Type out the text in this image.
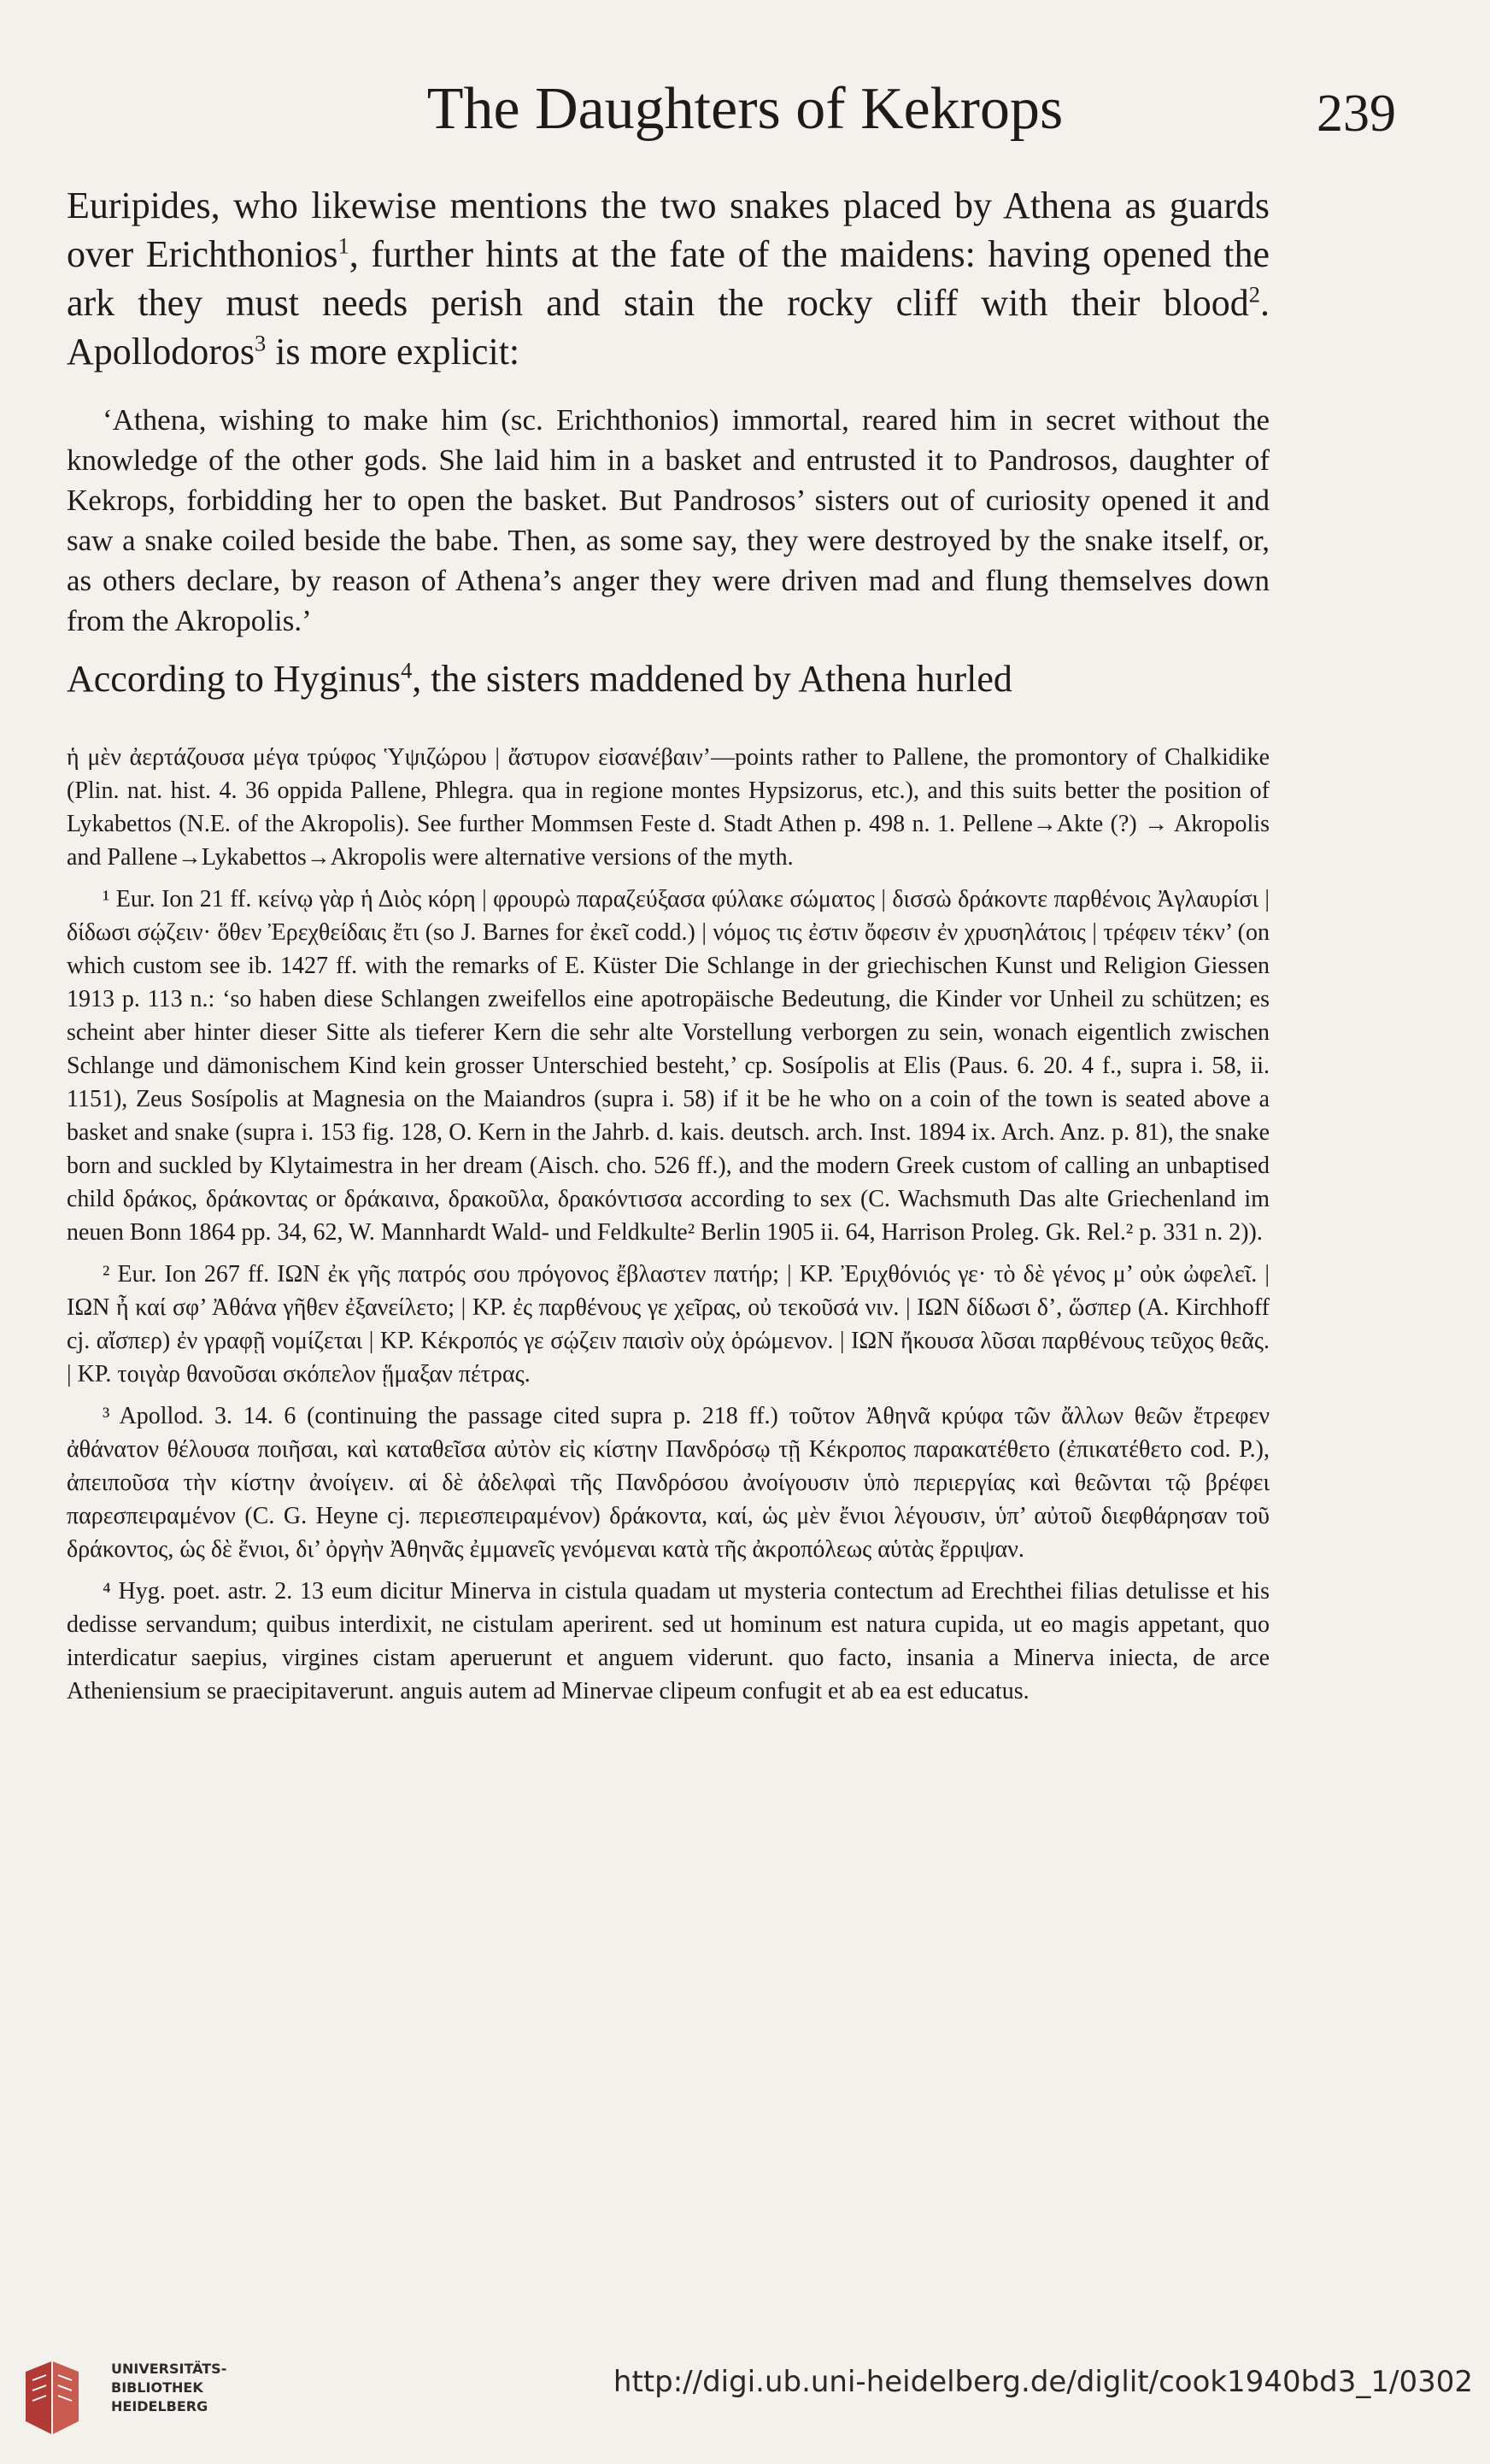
The Daughters of Kekrops	239

Euripides, who likewise mentions the two snakes placed by Athena as guards over Erichthonios$^1$, further hints at the fate of the maidens: having opened the ark they must needs perish and stain the rocky cliff with their blood$^2$. Apollodoros$^3$ is more explicit:

‘Athena, wishing to make him (sc. Erichthonios) immortal, reared him in secret without the knowledge of the other gods. She laid him in a basket and entrusted it to Pandrosos, daughter of Kekrops, forbidding her to open the basket. But Pandrosos’ sisters out of curiosity opened it and saw a snake coiled beside the babe. Then, as some say, they were destroyed by the snake itself, or, as others declare, by reason of Athena’s anger they were driven mad and flung themselves down from the Akropolis.’

According to Hyginus$^4$, the sisters maddened by Athena hurled

ἡ μὲν ἀερτάζουσα μέγα τρύφος Ὑψιζώρου | ἄστυρον εἰσανέβαιν’—points rather to Pallene, the promontory of Chalkidike (Plin. nat. hist. 4. 36 oppida Pallene, Phlegra. qua in regione montes Hypsizorus, etc.), and this suits better the position of Lykabettos (N.E. of the Akropolis). See further Mommsen Feste d. Stadt Athen p. 498 n. 1. Pellene→Akte (?) → Akropolis and Pallene→Lykabettos→Akropolis were alternative versions of the myth.

¹ Eur. Ion 21 ff. κείνῳ γὰρ ἡ Διὸς κόρη | φρουρὼ παραζεύξασα φύλακε σώματος | δισσὼ δράκοντε παρθένοις Ἀγλαυρίσι | δίδωσι σῴζειν· ὅθεν Ἐρεχθείδαις ἔτι (so J. Barnes for ἐκεῖ codd.) | νόμος τις ἐστιν ὄφεσιν ἐν χρυσηλάτοις | τρέφειν τέκν’ (on which custom see ib. 1427 ff. with the remarks of E. Küster Die Schlange in der griechischen Kunst und Religion Giessen 1913 p. 113 n.: ‘so haben diese Schlangen zweifellos eine apotropäische Bedeutung, die Kinder vor Unheil zu schützen; es scheint aber hinter dieser Sitte als tieferer Kern die sehr alte Vorstellung verborgen zu sein, wonach eigentlich zwischen Schlange und dämonischem Kind kein grosser Unterschied besteht,’ cp. Sosípolis at Elis (Paus. 6. 20. 4 f., supra i. 58, ii. 1151), Zeus Sosípolis at Magnesia on the Maiandros (supra i. 58) if it be he who on a coin of the town is seated above a basket and snake (supra i. 153 fig. 128, O. Kern in the Jahrb. d. kais. deutsch. arch. Inst. 1894 ix. Arch. Anz. p. 81), the snake born and suckled by Klytaimestra in her dream (Aisch. cho. 526 ff.), and the modern Greek custom of calling an unbaptised child δράκος, δράκοντας or δράκαινα, δρακοῦλα, δρακόντισσα according to sex (C. Wachsmuth Das alte Griechenland im neuen Bonn 1864 pp. 34, 62, W. Mannhardt Wald- und Feldkulte² Berlin 1905 ii. 64, Harrison Proleg. Gk. Rel.² p. 331 n. 2)).

² Eur. Ion 267 ff. ΙΩΝ ἐκ γῆς πατρός σου πρόγονος ἔβλαστεν πατήρ; | ΚΡ. Ἐριχθόνιός γε· τὸ δὲ γένος μ’ οὐκ ὠφελεῖ. | ΙΩΝ ἦ καί σφ’ Ἀθάνα γῆθεν ἐξανείλετο; | ΚΡ. ἐς παρθένους γε χεῖρας, οὐ τεκοῦσά νιν. | ΙΩΝ δίδωσι δ’, ὥσπερ (A. Kirchhoff cj. αἴσπερ) ἐν γραφῇ νομίζεται | ΚΡ. Κέκροπός γε σῴζειν παισὶν οὐχ ὁρώμενον. | ΙΩΝ ἤκουσα λῦσαι παρθένους τεῦχος θεᾶς. | ΚΡ. τοιγὰρ θανοῦσαι σκόπελον ᾕμαξαν πέτρας.

³ Apollod. 3. 14. 6 (continuing the passage cited supra p. 218 ff.) τοῦτον Ἀθηνᾶ κρύφα τῶν ἄλλων θεῶν ἔτρεφεν ἀθάνατον θέλουσα ποιῆσαι, καὶ καταθεῖσα αὐτὸν εἰς κίστην Πανδρόσῳ τῇ Κέκροπος παρακατέθετο (ἐπικατέθετο cod. P.), ἀπειποῦσα τὴν κίστην ἀνοίγειν. αἱ δὲ ἀδελφαὶ τῆς Πανδρόσου ἀνοίγουσιν ὑπὸ περιεργίας καὶ θεῶνται τῷ βρέφει παρεσπειραμένον (C. G. Heyne cj. περιεσπειραμένον) δράκοντα, καί, ὡς μὲν ἔνιοι λέγουσιν, ὑπ’ αὐτοῦ διεφθάρησαν τοῦ δράκοντος, ὡς δὲ ἔνιοι, δι’ ὀργὴν Ἀθηνᾶς ἐμμανεῖς γενόμεναι κατὰ τῆς ἀκροπόλεως αὑτὰς ἔρριψαν.

⁴ Hyg. poet. astr. 2. 13 eum dicitur Minerva in cistula quadam ut mysteria contectum ad Erechthei filias detulisse et his dedisse servandum; quibus interdixit, ne cistulam aperirent. sed ut hominum est natura cupida, ut eo magis appetant, quo interdicatur saepius, virgines cistam aperuerunt et anguem viderunt. quo facto, insania a Minerva iniecta, de arce Atheniensium se praecipitaverunt. anguis autem ad Minervae clipeum confugit et ab ea est educatus.

UNIVERSITÄTS-
BIBLIOTHEK
HEIDELBERG
http://digi.ub.uni-heidelberg.de/diglit/cook1940bd3_1/0302
